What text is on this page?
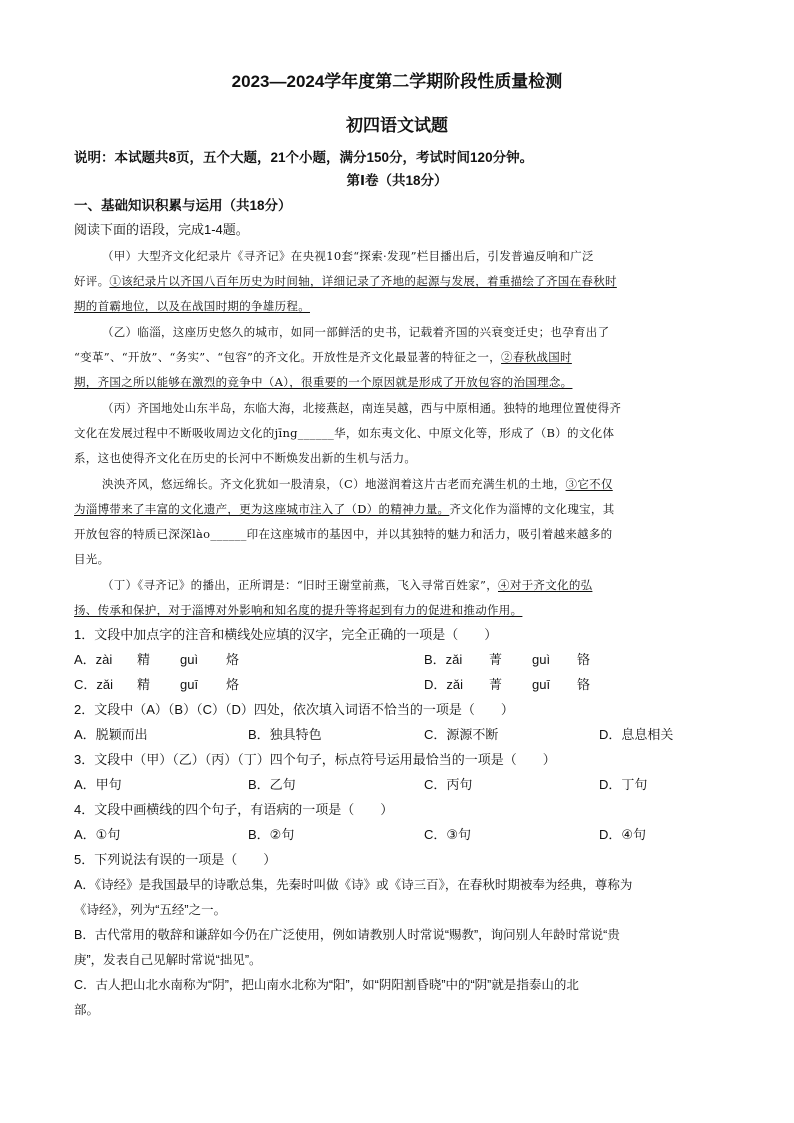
2023—2024学年度第二学期阶段性质量检测
初四语文试题
说明：本试题共8页，五个大题，21个小题，满分150分，考试时间120分钟。
第Ⅰ卷（共18分）
一、基础知识积累与运用（共18分）
阅读下面的语段，完成1-4题。
（甲）大型齐文化纪录片《寻齐记》在央视10套“探索·发现”栏目播出后，引发普遍反响和广泛
好评。①该纪录片以齐国八百年历史为时间轴，详细记录了齐地的起源与发展，着重描绘了齐国在春秋时
期的首霸地位，以及在战国时期的争雄历程。
（乙）临淄，这座历史悠久的城市，如同一部鲜活的史书，记载着齐国的兴衰变迁史；也孕育出了
“变革”、“开放”、“务实”、“包容”的齐文化。开放性是齐文化最显著的特征之一，②春秋战国时
期，齐国之所以能够在激烈的竞争中（A），很重要的一个原因就是形成了开放包容的治国理念。
（丙）齐国地处山东半岛，东临大海，北接燕赵，南连吴越，西与中原相通。独特的地理位置使得齐
文化在发展过程中不断吸收周边文化的jīng______华，如东夷文化、中原文化等，形成了（B）的文化体
系，这也使得齐文化在历史的长河中不断焕发出新的生机与活力。
泱泱齐风，悠远绵长。齐文化犹如一股清泉，（C）地滋润着这片古老而充满生机的土地，③它不仅
为淄博带来了丰富的文化遗产，更为这座城市注入了（D）的精神力量。齐文化作为淄博的文化瑰宝，其
开放包容的特质已深深lào______印在这座城市的基因中，并以其独特的魅力和活力，吸引着越来越多的
目光。
（丁）《寻齐记》的播出，正所谓是：“旧时王谢堂前燕，飞入寻常百姓家”，④对于齐文化的弘
扬、传承和保护，对于淄博对外影响和知名度的提升等将起到有力的促进和推动作用。
1．文段中加点字的注音和横线处应填的汉字，完全正确的一项是（　　）
A．zài 精 guì 烙	B．zǎi 菁 guì 铬
C．zǎi 精 guī 烙	D．zǎi 菁 guī 铬
2．文段中（A）（B）（C）（D）四处，依次填入词语不恰当的一项是（　　）
A．脱颖而出	B．独具特色	C．源源不断	D．息息相关
3．文段中（甲）（乙）（丙）（丁）四个句子，标点符号运用最恰当的一项是（　　）
A．甲句	B．乙句	C．丙句	D．丁句
4．文段中画横线的四个句子，有语病的一项是（　　）
A．①句	B．②句	C．③句	D．④句
5．下列说法有误的一项是（　　）
A．《诗经》是我国最早的诗歌总集，先秦时叫做《诗》或《诗三百》，在春秋时期被奉为经典，尊称为
《诗经》，列为“五经”之一。
B．古代常用的敬辞和谦辞如今仍在广泛使用，例如请教别人时常说“赐教”，询问别人年龄时常说“贵
庚”，发表自己见解时常说“拙见”。
C．古人把山北水南称为“阴”，把山南水北称为“阳”，如“阴阳割昏晓”中的“阴”就是指泰山的北
部。
